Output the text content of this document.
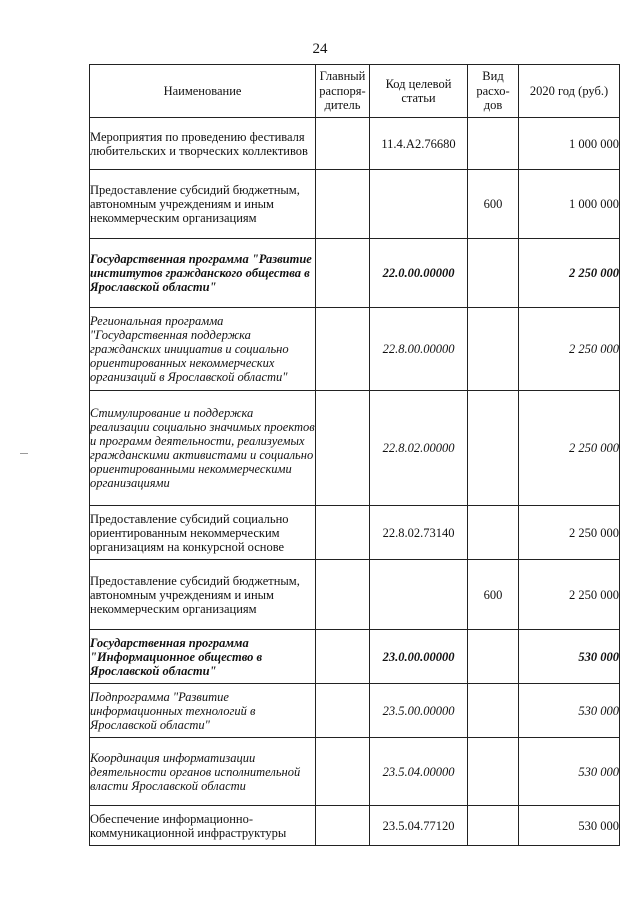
24
Наименование	Главный распоря-дитель	Код целевой статьи	Вид расхо-дов	2020 год (руб.)
Мероприятия по проведению фестиваля любительских и творческих коллективов		11.4.A2.76680		1 000 000
Предоставление субсидий бюджетным, автономным учреждениям и иным некоммерческим организациям			600	1 000 000
Государственная программа "Развитие институтов гражданского общества в Ярославской области"		22.0.00.00000		2 250 000
Региональная программа "Государственная поддержка гражданских инициатив и социально ориентированных некоммерческих организаций в Ярославской области"		22.8.00.00000		2 250 000
Стимулирование и поддержка реализации социально значимых проектов и программ деятельности, реализуемых гражданскими активистами и социально ориентированными некоммерческими организациями		22.8.02.00000		2 250 000
Предоставление субсидий социально ориентированным некоммерческим организациям на конкурсной основе		22.8.02.73140		2 250 000
Предоставление субсидий бюджетным, автономным учреждениям и иным некоммерческим организациям			600	2 250 000
Государственная программа "Информационное общество в Ярославской области"		23.0.00.00000		530 000
Подпрограмма "Развитие информационных технологий в Ярославской области"		23.5.00.00000		530 000
Координация информатизации деятельности органов исполнительной власти Ярославской области		23.5.04.00000		530 000
Обеспечение информационно-коммуникационной инфраструктуры		23.5.04.77120		530 000
